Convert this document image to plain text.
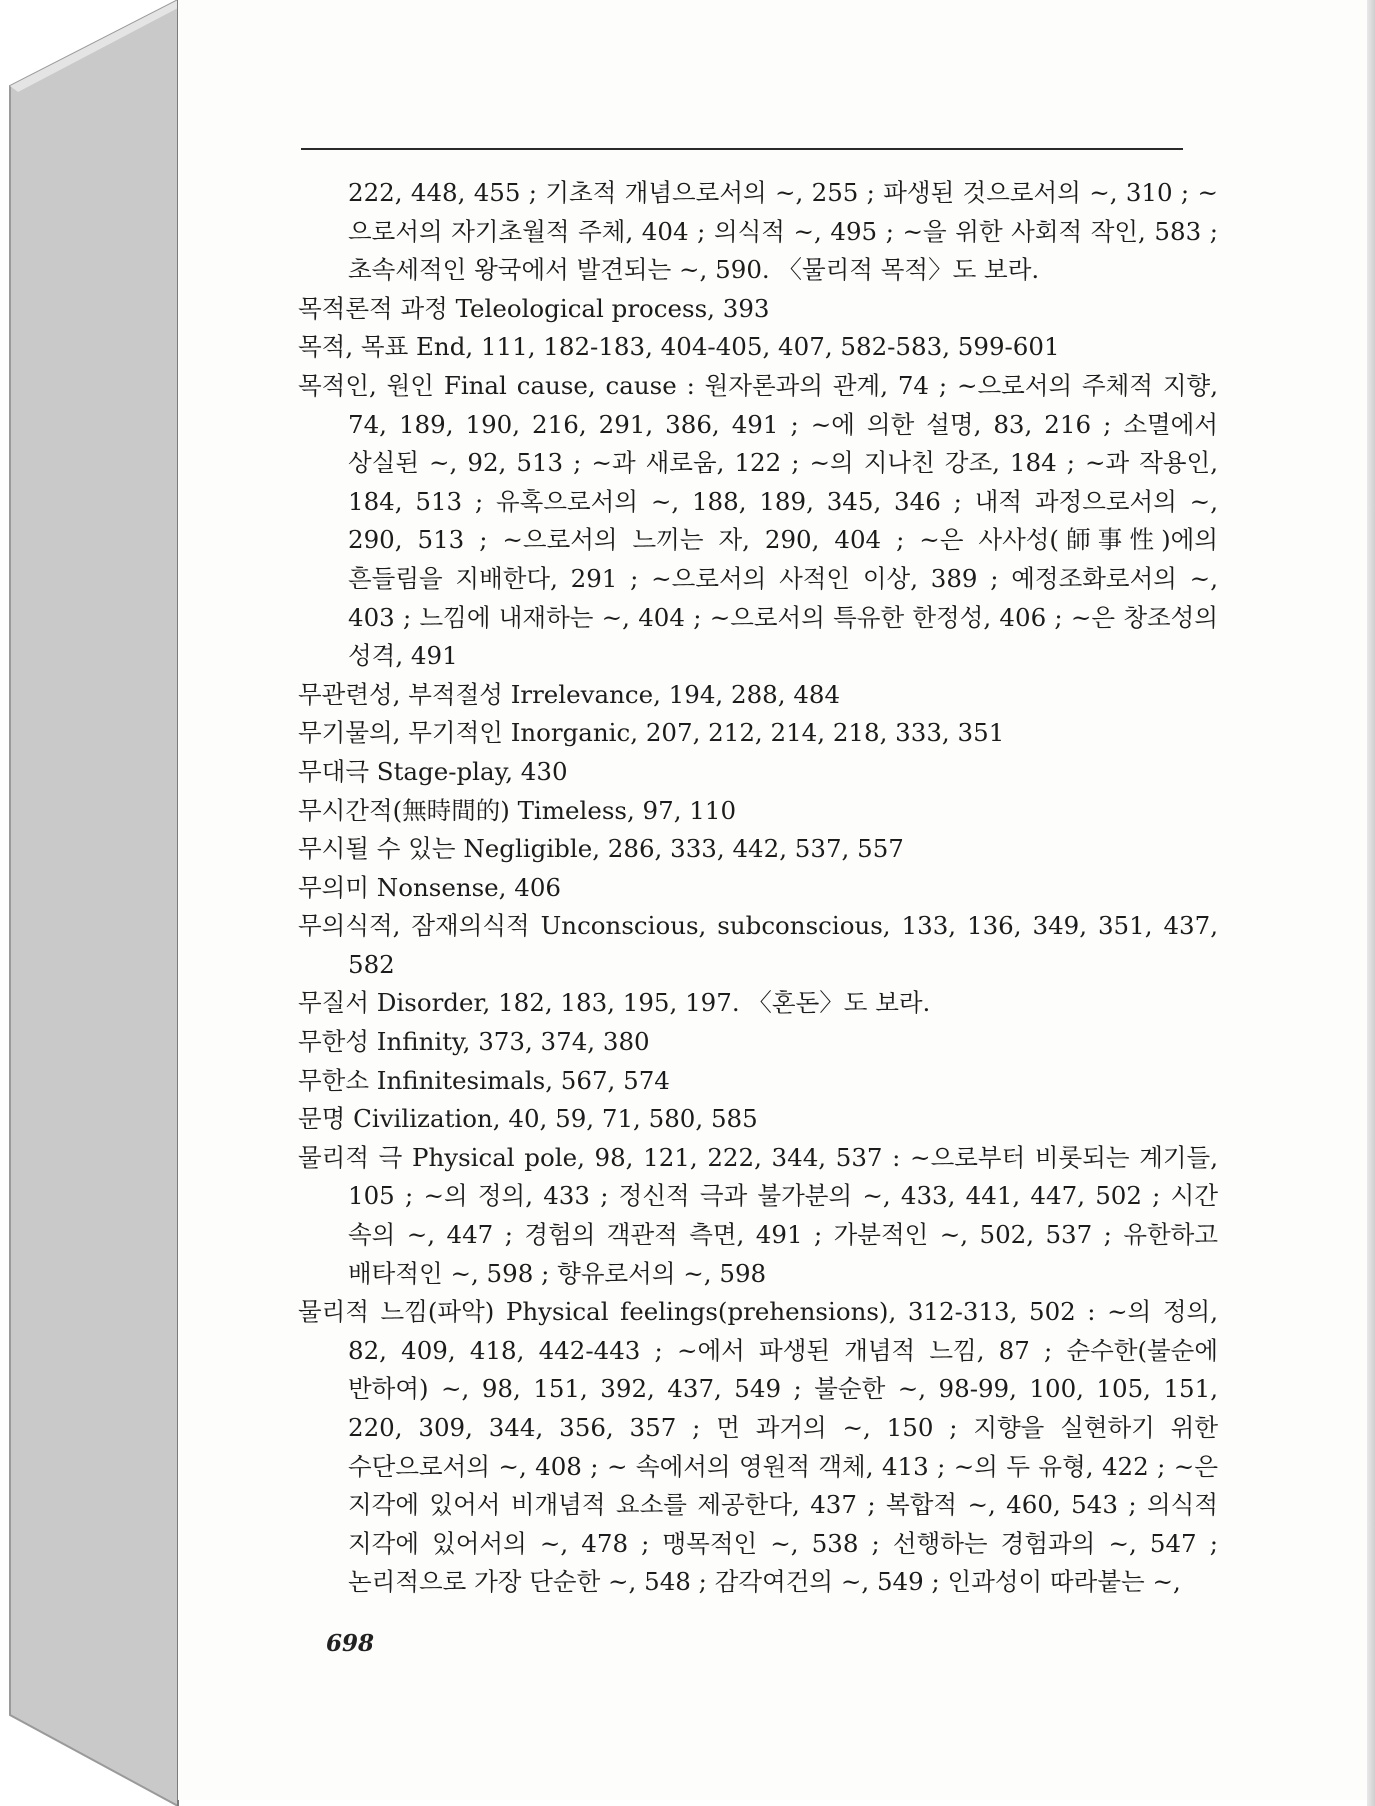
222, 448, 455 ; 기초적 개념으로서의 ~, 255 ; 파생된 것으로서의 ~, 310 ; ~으로서의 자기초월적 주체, 404 ; 의식적 ~, 495 ; ~을 위한 사회적 작인, 583 ; 초속세적인 왕국에서 발견되는 ~, 590. 〈물리적 목적〉도 보라.

목적론적 과정 Teleological process, 393

목적, 목표 End, 111, 182-183, 404-405, 407, 582-583, 599-601

목적인, 원인 Final cause, cause : 원자론과의 관계, 74 ; ~으로서의 주체적 지향, 74, 189, 190, 216, 291, 386, 491 ; ~에 의한 설명, 83, 216 ; 소멸에서 상실된 ~, 92, 513 ; ~과 새로움, 122 ; ~의 지나친 강조, 184 ; ~과 작용인, 184, 513 ; 유혹으로서의 ~, 188, 189, 345, 346 ; 내적 과정으로서의 ~, 290, 513 ; ~으로서의 느끼는 자, 290, 404 ; ~은 사사성(師事性)에의 흔들림을 지배한다, 291 ; ~으로서의 사적인 이상, 389 ; 예정조화로서의 ~, 403 ; 느낌에 내재하는 ~, 404 ; ~으로서의 특유한 한정성, 406 ; ~은 창조성의 성격, 491

무관련성, 부적절성 Irrelevance, 194, 288, 484

무기물의, 무기적인 Inorganic, 207, 212, 214, 218, 333, 351

무대극 Stage-play, 430

무시간적(無時間的) Timeless, 97, 110

무시될 수 있는 Negligible, 286, 333, 442, 537, 557

무의미 Nonsense, 406

무의식적, 잠재의식적 Unconscious, subconscious, 133, 136, 349, 351, 437, 582

무질서 Disorder, 182, 183, 195, 197. 〈혼돈〉도 보라.

무한성 Infinity, 373, 374, 380

무한소 Infinitesimals, 567, 574

문명 Civilization, 40, 59, 71, 580, 585

물리적 극 Physical pole, 98, 121, 222, 344, 537 : ~으로부터 비롯되는 계기들, 105 ; ~의 정의, 433 ; 정신적 극과 불가분의 ~, 433, 441, 447, 502 ; 시간 속의 ~, 447 ; 경험의 객관적 측면, 491 ; 가분적인 ~, 502, 537 ; 유한하고 배타적인 ~, 598 ; 향유로서의 ~, 598

물리적 느낌(파악) Physical feelings(prehensions), 312-313, 502 : ~의 정의, 82, 409, 418, 442-443 ; ~에서 파생된 개념적 느낌, 87 ; 순수한(불순에 반하여) ~, 98, 151, 392, 437, 549 ; 불순한 ~, 98-99, 100, 105, 151, 220, 309, 344, 356, 357 ; 먼 과거의 ~, 150 ; 지향을 실현하기 위한 수단으로서의 ~, 408 ; ~ 속에서의 영원적 객체, 413 ; ~의 두 유형, 422 ; ~은 지각에 있어서 비개념적 요소를 제공한다, 437 ; 복합적 ~, 460, 543 ; 의식적 지각에 있어서의 ~, 478 ; 맹목적인 ~, 538 ; 선행하는 경험과의 ~, 547 ; 논리적으로 가장 단순한 ~, 548 ; 감각여건의 ~, 549 ; 인과성이 따라붙는 ~,

698
